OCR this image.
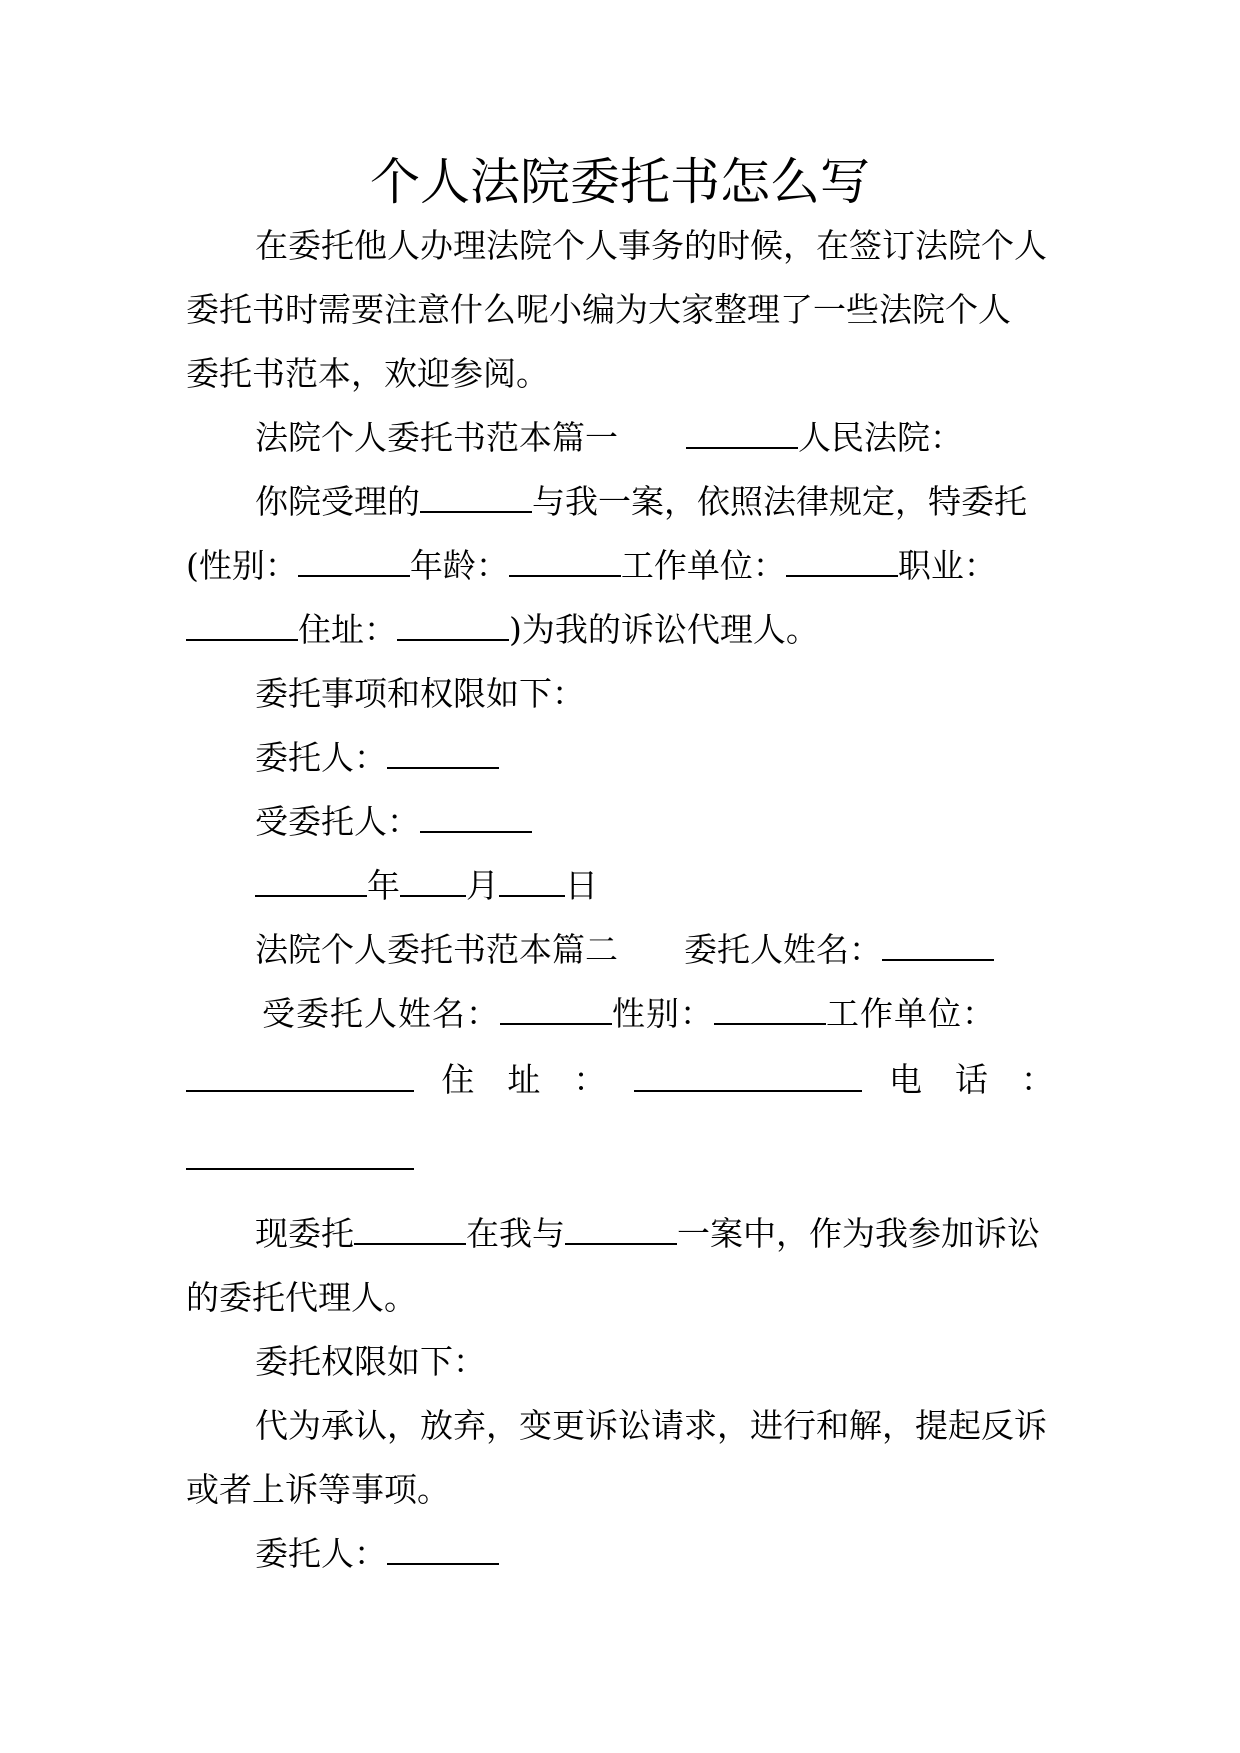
个人法院委托书怎么写
在委托他人办理法院个人事务的时候，在签订法院个人
委托书时需要注意什么呢小编为大家整理了一些法院个人
委托书范本，欢迎参阅。
法院个人委托书范本篇一	人民法院：
你院受理的	与我一案，依照法律规定，特委托
(性别：	年龄：	工作单位：	职业：
住址：	)为我的诉讼代理人。
委托事项和权限如下：
委托人：
受委托人：
年 月 日
法院个人委托书范本篇二 委托人姓名：
受委托人姓名：	性别：	工作单位：
住　址　：	电　话　：
现委托	在我与	一案中，作为我参加诉讼
的委托代理人。
委托权限如下：
代为承认，放弃，变更诉讼请求，进行和解，提起反诉
或者上诉等事项。
委托人：
